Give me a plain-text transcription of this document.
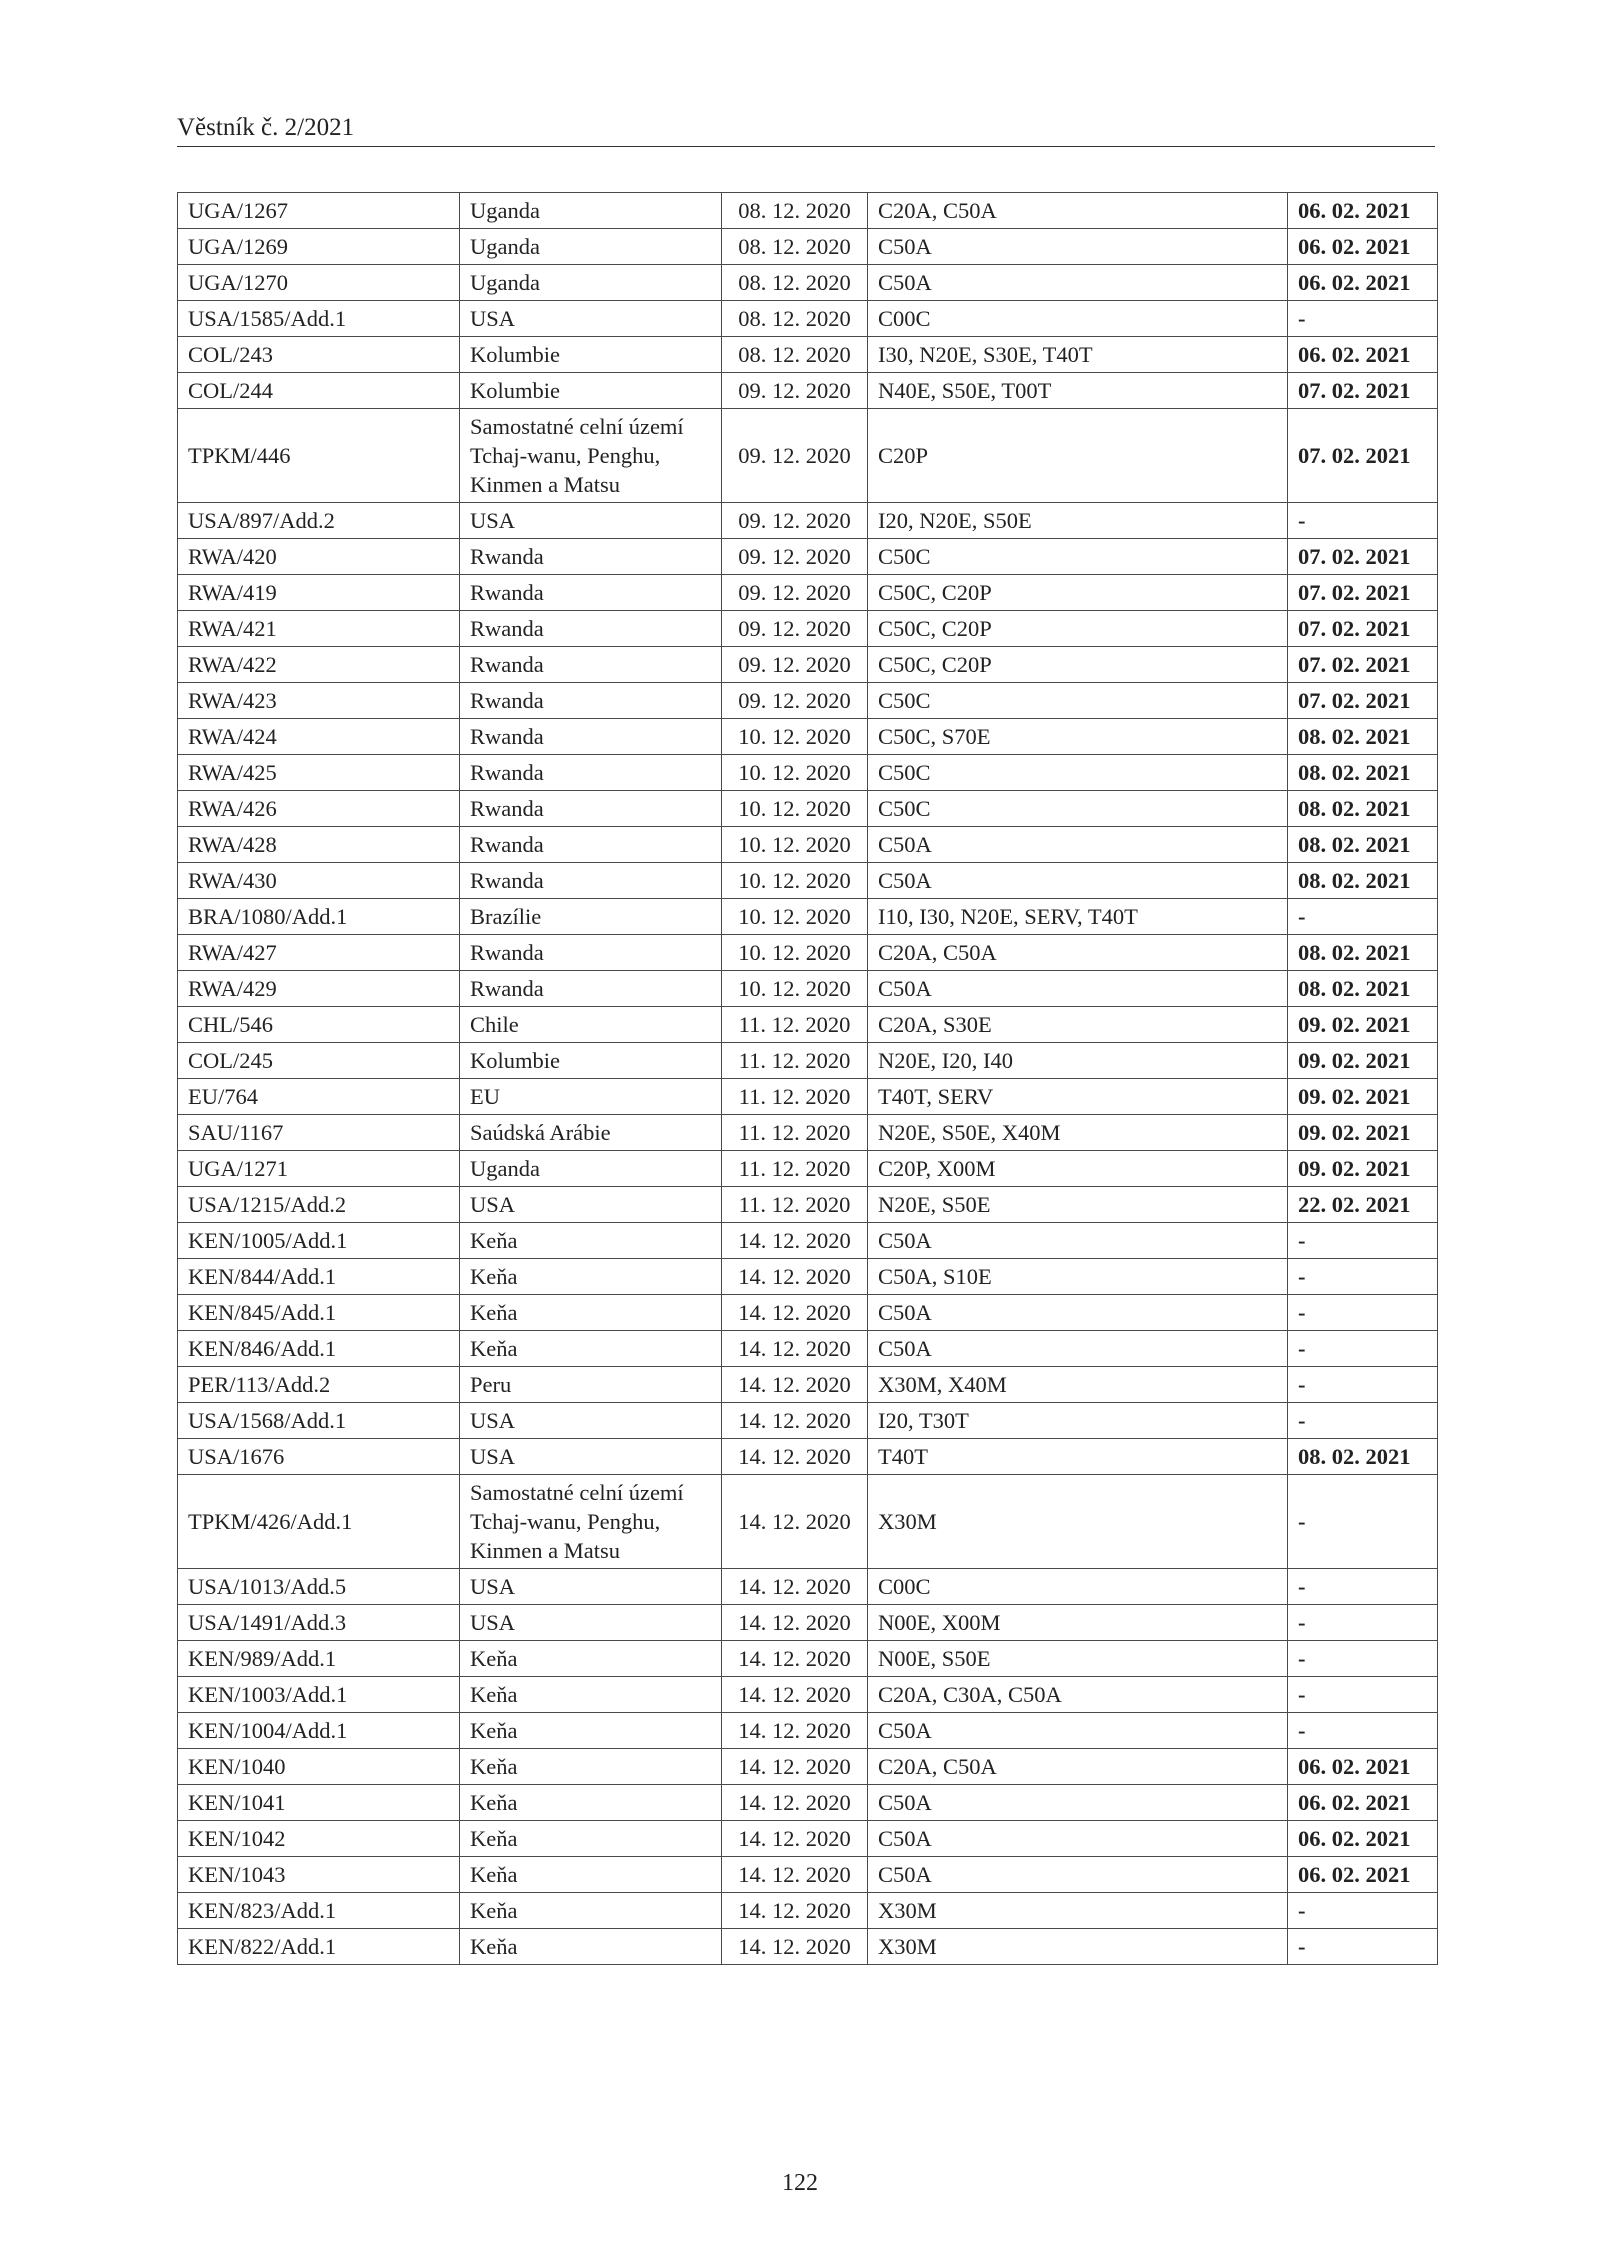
Věstník č. 2/2021
UGA/1267	Uganda	08. 12. 2020	C20A, C50A	06. 02. 2021
UGA/1269	Uganda	08. 12. 2020	C50A	06. 02. 2021
UGA/1270	Uganda	08. 12. 2020	C50A	06. 02. 2021
USA/1585/Add.1	USA	08. 12. 2020	C00C	-
COL/243	Kolumbie	08. 12. 2020	I30, N20E, S30E, T40T	06. 02. 2021
COL/244	Kolumbie	09. 12. 2020	N40E, S50E, T00T	07. 02. 2021
TPKM/446	Samostatné celní území Tchaj-wanu, Penghu, Kinmen a Matsu	09. 12. 2020	C20P	07. 02. 2021
USA/897/Add.2	USA	09. 12. 2020	I20, N20E, S50E	-
RWA/420	Rwanda	09. 12. 2020	C50C	07. 02. 2021
RWA/419	Rwanda	09. 12. 2020	C50C, C20P	07. 02. 2021
RWA/421	Rwanda	09. 12. 2020	C50C, C20P	07. 02. 2021
RWA/422	Rwanda	09. 12. 2020	C50C, C20P	07. 02. 2021
RWA/423	Rwanda	09. 12. 2020	C50C	07. 02. 2021
RWA/424	Rwanda	10. 12. 2020	C50C, S70E	08. 02. 2021
RWA/425	Rwanda	10. 12. 2020	C50C	08. 02. 2021
RWA/426	Rwanda	10. 12. 2020	C50C	08. 02. 2021
RWA/428	Rwanda	10. 12. 2020	C50A	08. 02. 2021
RWA/430	Rwanda	10. 12. 2020	C50A	08. 02. 2021
BRA/1080/Add.1	Brazílie	10. 12. 2020	I10, I30, N20E, SERV, T40T	-
RWA/427	Rwanda	10. 12. 2020	C20A, C50A	08. 02. 2021
RWA/429	Rwanda	10. 12. 2020	C50A	08. 02. 2021
CHL/546	Chile	11. 12. 2020	C20A, S30E	09. 02. 2021
COL/245	Kolumbie	11. 12. 2020	N20E, I20, I40	09. 02. 2021
EU/764	EU	11. 12. 2020	T40T, SERV	09. 02. 2021
SAU/1167	Saúdská Arábie	11. 12. 2020	N20E, S50E, X40M	09. 02. 2021
UGA/1271	Uganda	11. 12. 2020	C20P, X00M	09. 02. 2021
USA/1215/Add.2	USA	11. 12. 2020	N20E, S50E	22. 02. 2021
KEN/1005/Add.1	Keňa	14. 12. 2020	C50A	-
KEN/844/Add.1	Keňa	14. 12. 2020	C50A, S10E	-
KEN/845/Add.1	Keňa	14. 12. 2020	C50A	-
KEN/846/Add.1	Keňa	14. 12. 2020	C50A	-
PER/113/Add.2	Peru	14. 12. 2020	X30M, X40M	-
USA/1568/Add.1	USA	14. 12. 2020	I20, T30T	-
USA/1676	USA	14. 12. 2020	T40T	08. 02. 2021
TPKM/426/Add.1	Samostatné celní území Tchaj-wanu, Penghu, Kinmen a Matsu	14. 12. 2020	X30M	-
USA/1013/Add.5	USA	14. 12. 2020	C00C	-
USA/1491/Add.3	USA	14. 12. 2020	N00E, X00M	-
KEN/989/Add.1	Keňa	14. 12. 2020	N00E, S50E	-
KEN/1003/Add.1	Keňa	14. 12. 2020	C20A, C30A, C50A	-
KEN/1004/Add.1	Keňa	14. 12. 2020	C50A	-
KEN/1040	Keňa	14. 12. 2020	C20A, C50A	06. 02. 2021
KEN/1041	Keňa	14. 12. 2020	C50A	06. 02. 2021
KEN/1042	Keňa	14. 12. 2020	C50A	06. 02. 2021
KEN/1043	Keňa	14. 12. 2020	C50A	06. 02. 2021
KEN/823/Add.1	Keňa	14. 12. 2020	X30M	-
KEN/822/Add.1	Keňa	14. 12. 2020	X30M	-
122
